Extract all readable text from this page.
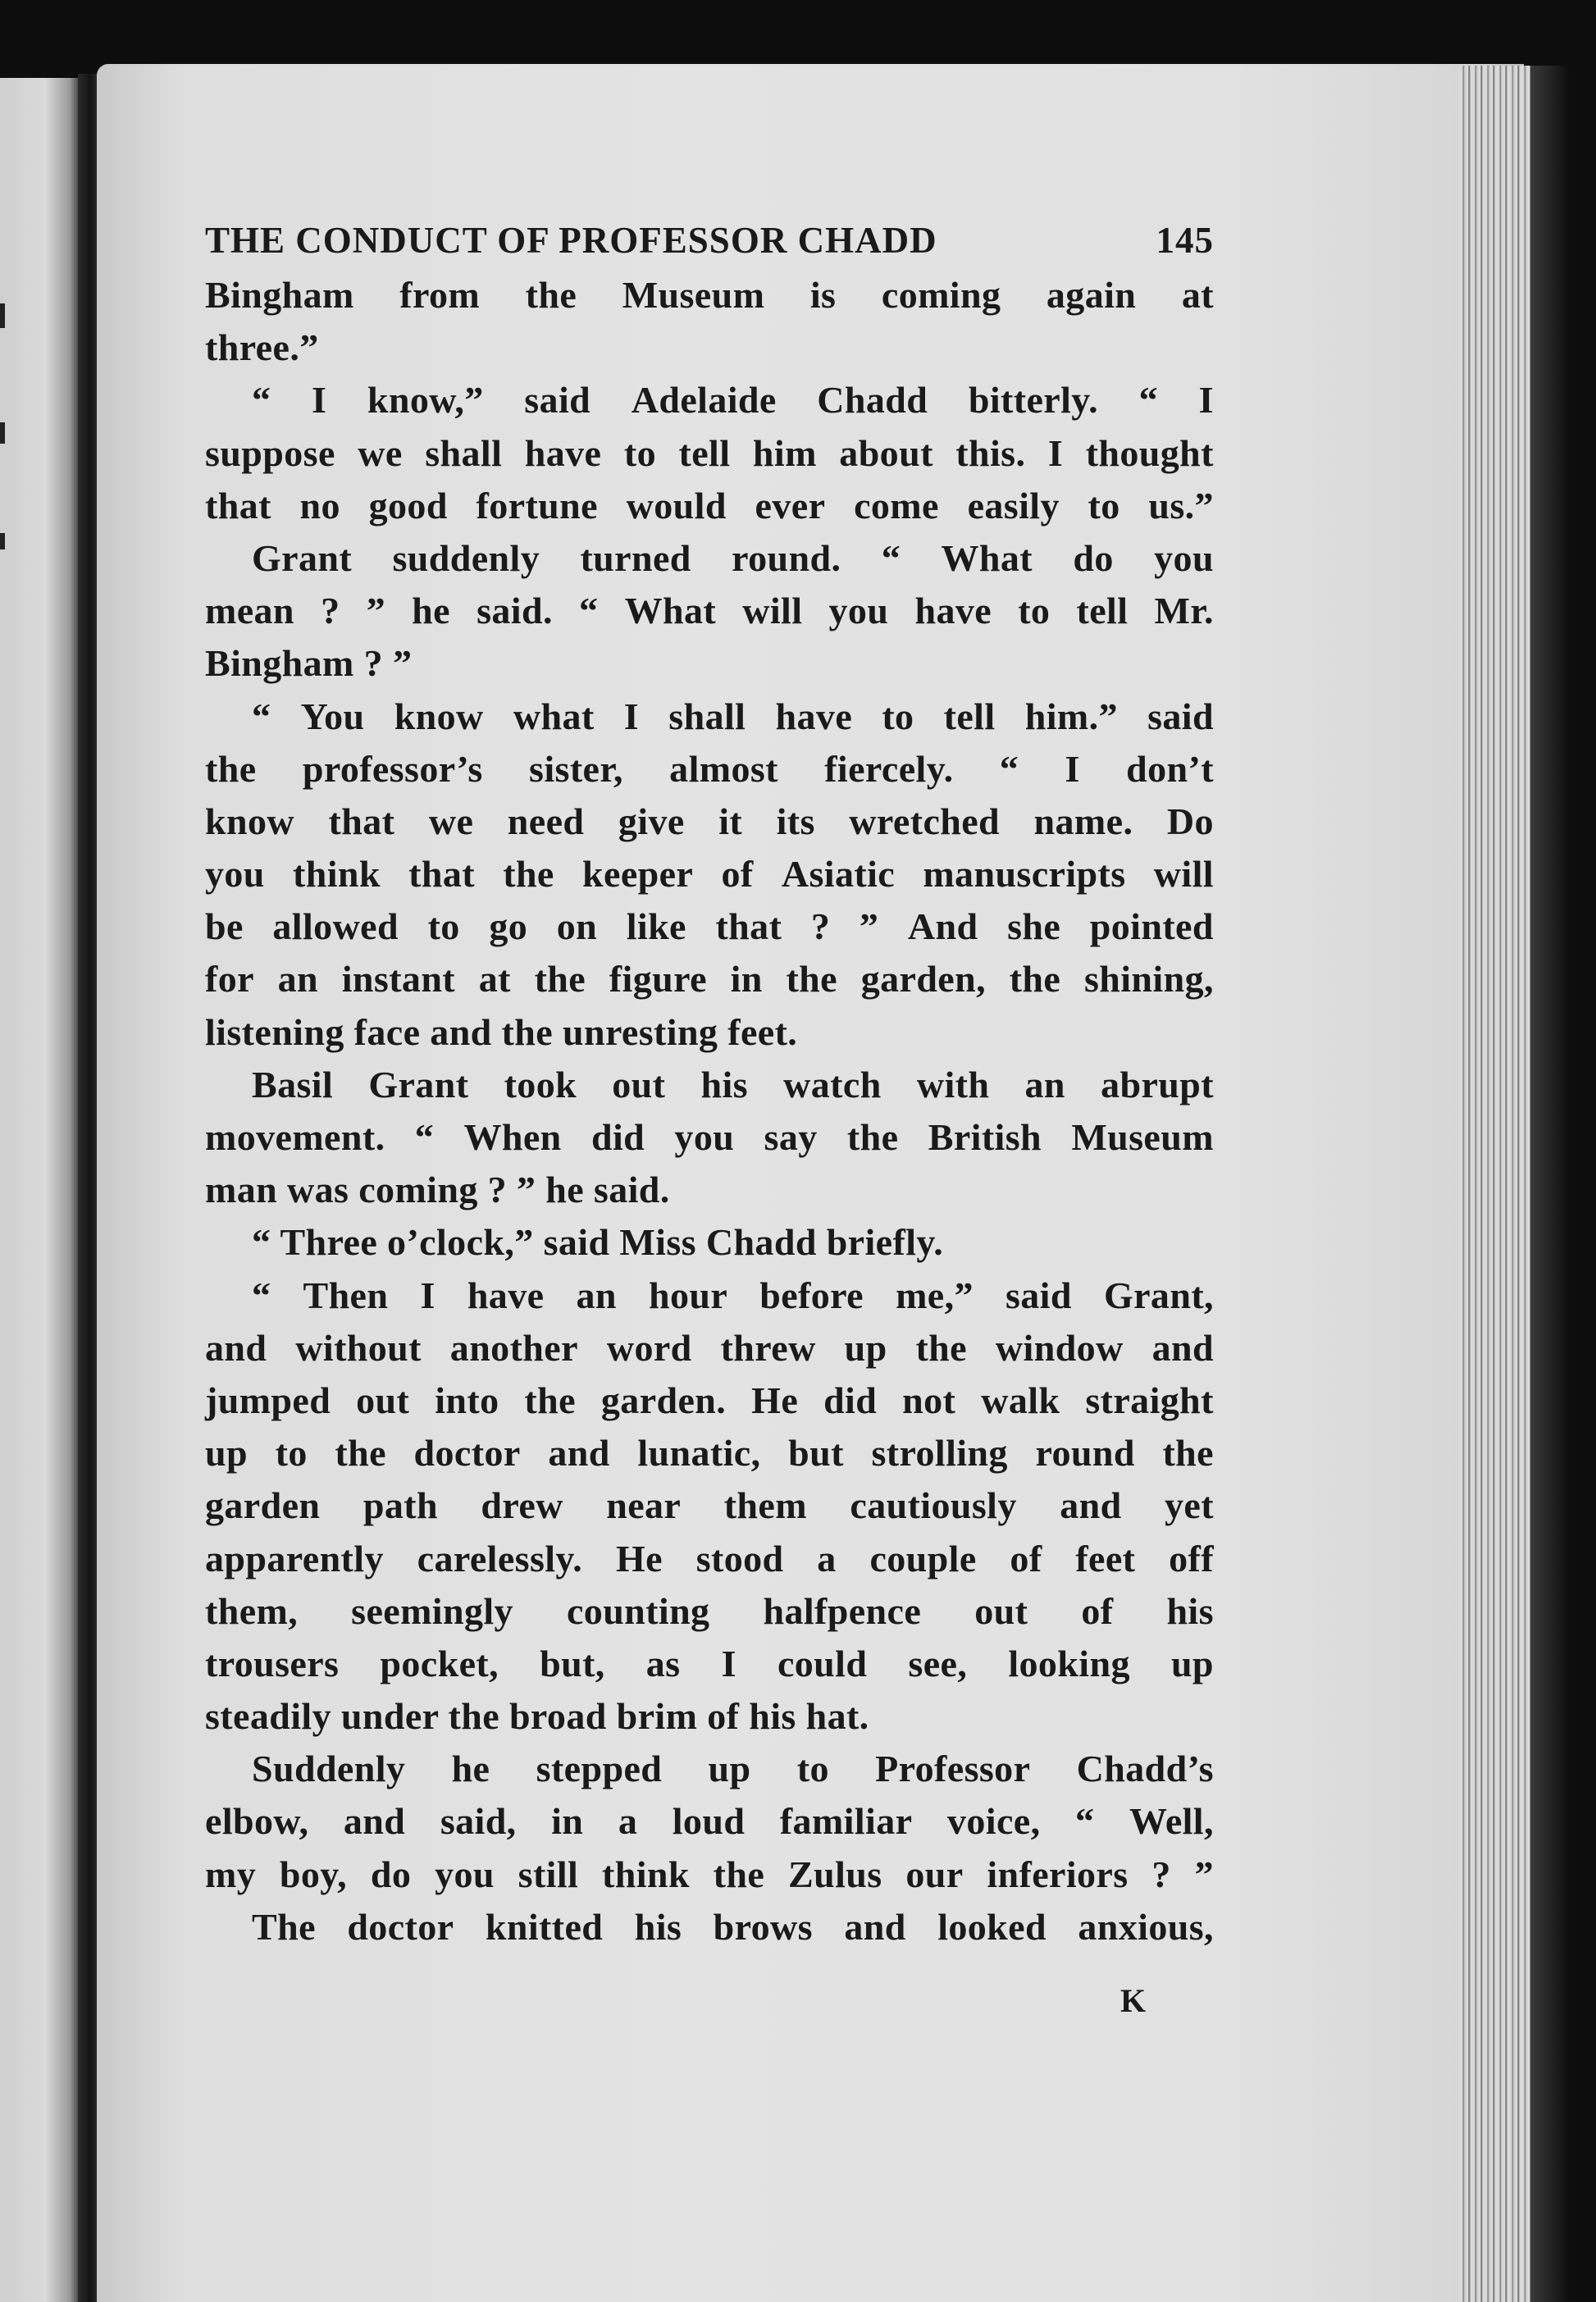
THE CONDUCT OF PROFESSOR CHADD	145
Bingham from the Museum is coming again at
three.”
“ I know,” said Adelaide Chadd bitterly. “ I
suppose we shall have to tell him about this. I thought
that no good fortune would ever come easily to us.”
Grant suddenly turned round. “ What do you
mean ? ” he said. “ What will you have to tell Mr.
Bingham ? ”
“ You know what I shall have to tell him.” said
the professor’s sister, almost fiercely. “ I don’t
know that we need give it its wretched name. Do
you think that the keeper of Asiatic manuscripts will
be allowed to go on like that ? ” And she pointed
for an instant at the figure in the garden, the shining,
listening face and the unresting feet.
Basil Grant took out his watch with an abrupt
movement. “ When did you say the British Museum
man was coming ? ” he said.
“ Three o’clock,” said Miss Chadd briefly.
“ Then I have an hour before me,” said Grant,
and without another word threw up the window and
jumped out into the garden. He did not walk straight
up to the doctor and lunatic, but strolling round the
garden path drew near them cautiously and yet
apparently carelessly. He stood a couple of feet off
them, seemingly counting halfpence out of his
trousers pocket, but, as I could see, looking up
steadily under the broad brim of his hat.
Suddenly he stepped up to Professor Chadd’s
elbow, and said, in a loud familiar voice, “ Well,
my boy, do you still think the Zulus our inferiors ? ”
The doctor knitted his brows and looked anxious,
K
